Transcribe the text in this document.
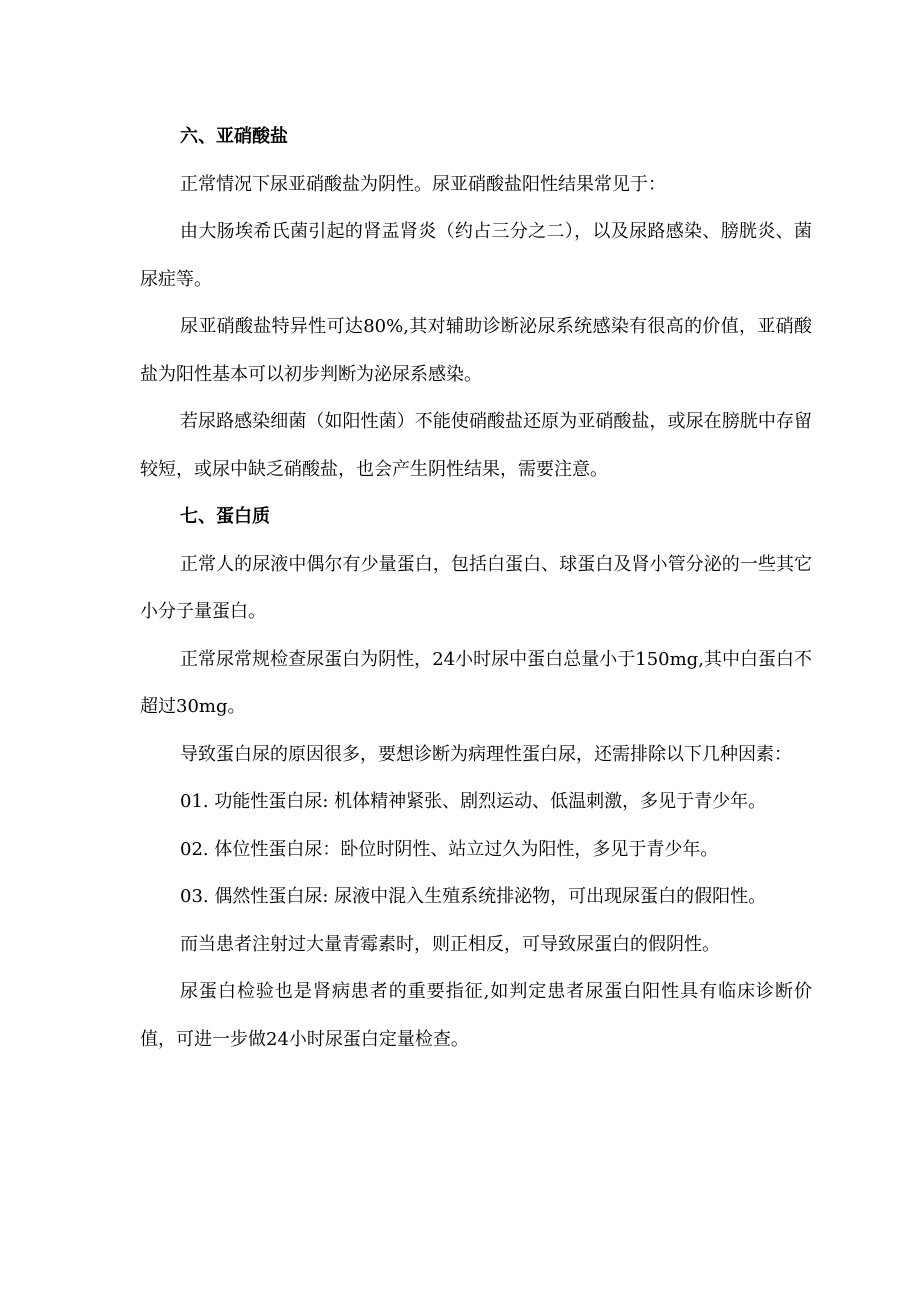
六、亚硝酸盐

正常情况下尿亚硝酸盐为阴性。尿亚硝酸盐阳性结果常见于：

由大肠埃希氏菌引起的肾盂肾炎（约占三分之二），以及尿路感染、膀胱炎、菌尿症等。

尿亚硝酸盐特异性可达80%,其对辅助诊断泌尿系统感染有很高的价值，亚硝酸盐为阳性基本可以初步判断为泌尿系感染。

若尿路感染细菌（如阳性菌）不能使硝酸盐还原为亚硝酸盐，或尿在膀胱中存留较短，或尿中缺乏硝酸盐，也会产生阴性结果，需要注意。

七、蛋白质

正常人的尿液中偶尔有少量蛋白，包括白蛋白、球蛋白及肾小管分泌的一些其它小分子量蛋白。

正常尿常规检查尿蛋白为阴性，24小时尿中蛋白总量小于150mg,其中白蛋白不超过30mg。

导致蛋白尿的原因很多，要想诊断为病理性蛋白尿，还需排除以下几种因素：

01. 功能性蛋白尿: 机体精神紧张、剧烈运动、低温刺激，多见于青少年。

02. 体位性蛋白尿：卧位时阴性、站立过久为阳性，多见于青少年。

03. 偶然性蛋白尿: 尿液中混入生殖系统排泌物，可出现尿蛋白的假阳性。

而当患者注射过大量青霉素时，则正相反，可导致尿蛋白的假阴性。

尿蛋白检验也是肾病患者的重要指征,如判定患者尿蛋白阳性具有临床诊断价值，可进一步做24小时尿蛋白定量检查。
